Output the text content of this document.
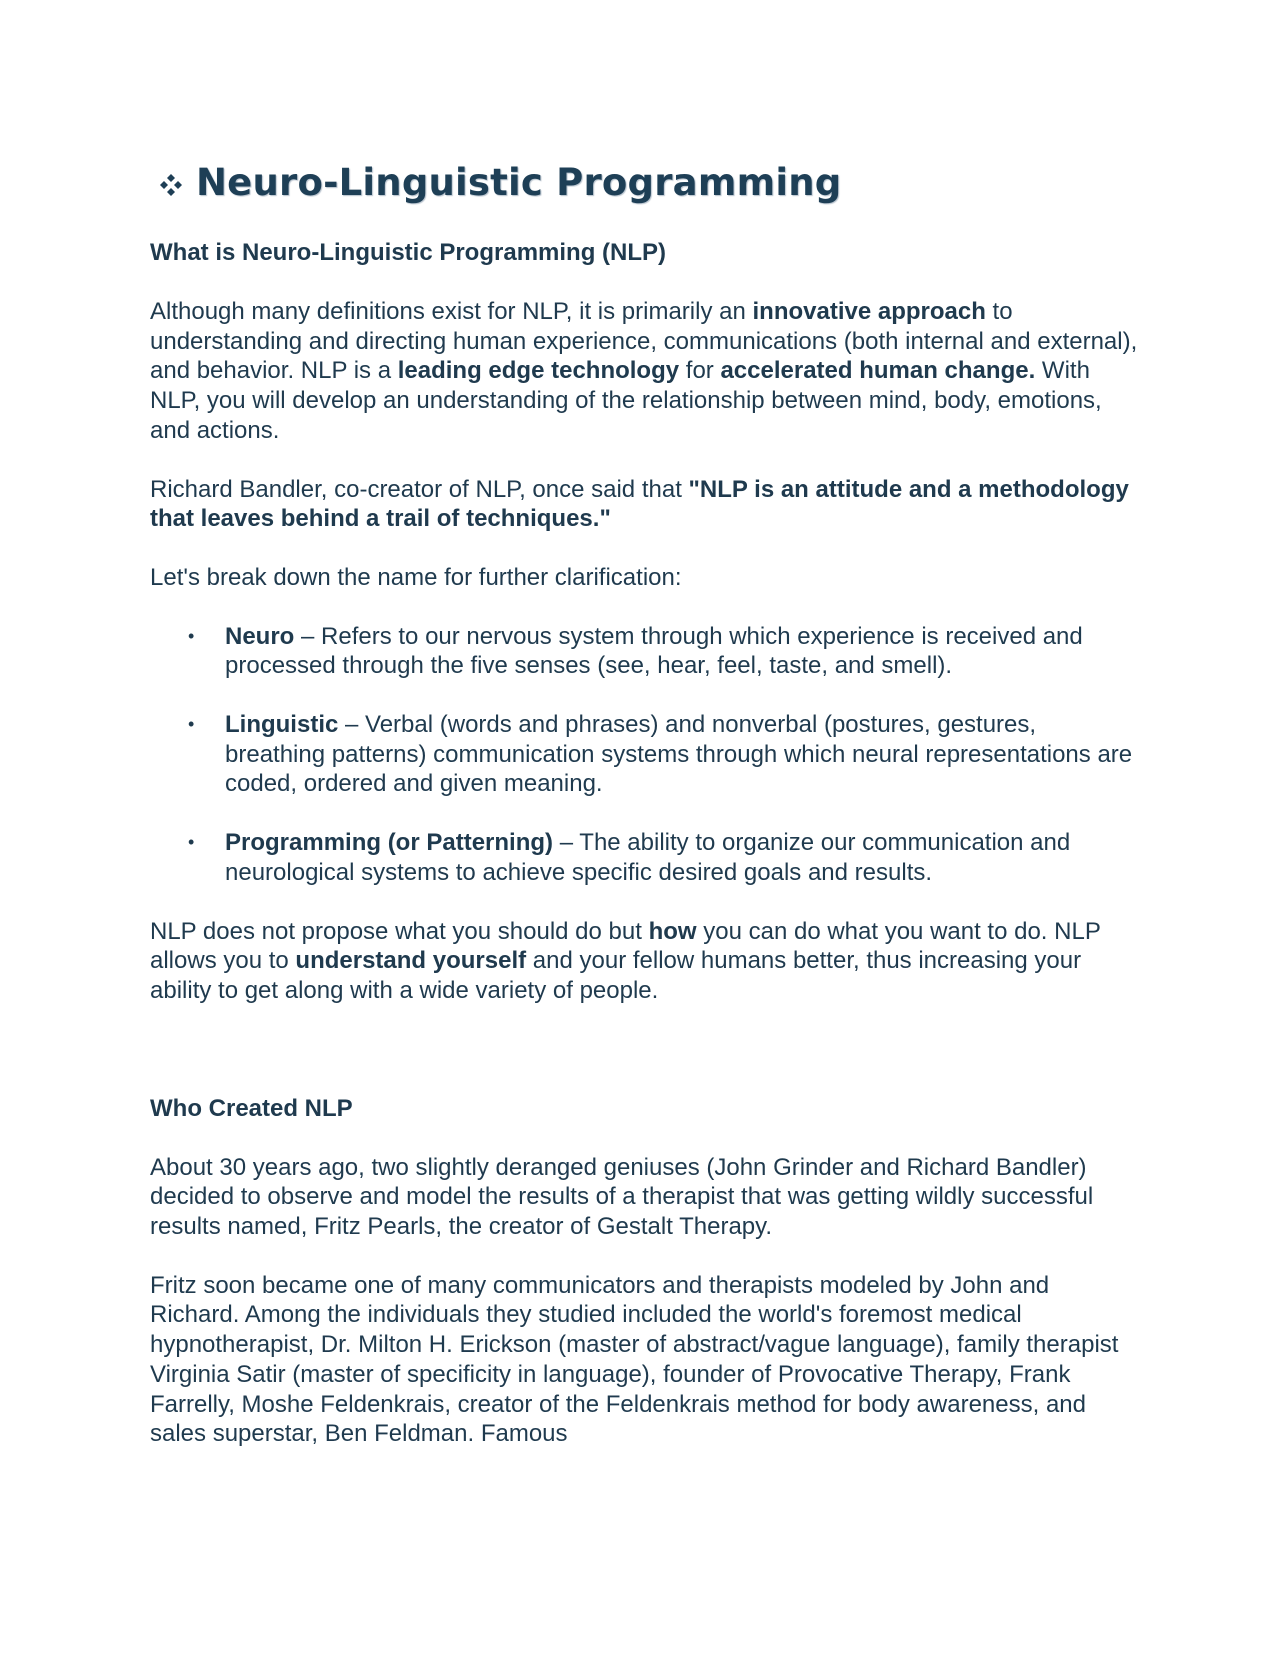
Neuro-Linguistic Programming
What is Neuro-Linguistic Programming (NLP)

Although many definitions exist for NLP, it is primarily an innovative approach to understanding and directing human experience, communications (both internal and external), and behavior. NLP is a leading edge technology for accelerated human change. With NLP, you will develop an understanding of the relationship between mind, body, emotions, and actions.

Richard Bandler, co-creator of NLP, once said that "NLP is an attitude and a methodology that leaves behind a trail of techniques."

Let's break down the name for further clarification:

• Neuro – Refers to our nervous system through which experience is received and processed through the five senses (see, hear, feel, taste, and smell).
• Linguistic – Verbal (words and phrases) and nonverbal (postures, gestures, breathing patterns) communication systems through which neural representations are coded, ordered and given meaning.
• Programming (or Patterning) – The ability to organize our communication and neurological systems to achieve specific desired goals and results.

NLP does not propose what you should do but how you can do what you want to do. NLP allows you to understand yourself and your fellow humans better, thus increasing your ability to get along with a wide variety of people.

Who Created NLP

About 30 years ago, two slightly deranged geniuses (John Grinder and Richard Bandler) decided to observe and model the results of a therapist that was getting wildly successful results named, Fritz Pearls, the creator of Gestalt Therapy.

Fritz soon became one of many communicators and therapists modeled by John and Richard. Among the individuals they studied included the world's foremost medical hypnotherapist, Dr. Milton H. Erickson (master of abstract/vague language), family therapist Virginia Satir (master of specificity in language), founder of Provocative Therapy, Frank Farrelly, Moshe Feldenkrais, creator of the Feldenkrais method for body awareness, and sales superstar, Ben Feldman. Famous
